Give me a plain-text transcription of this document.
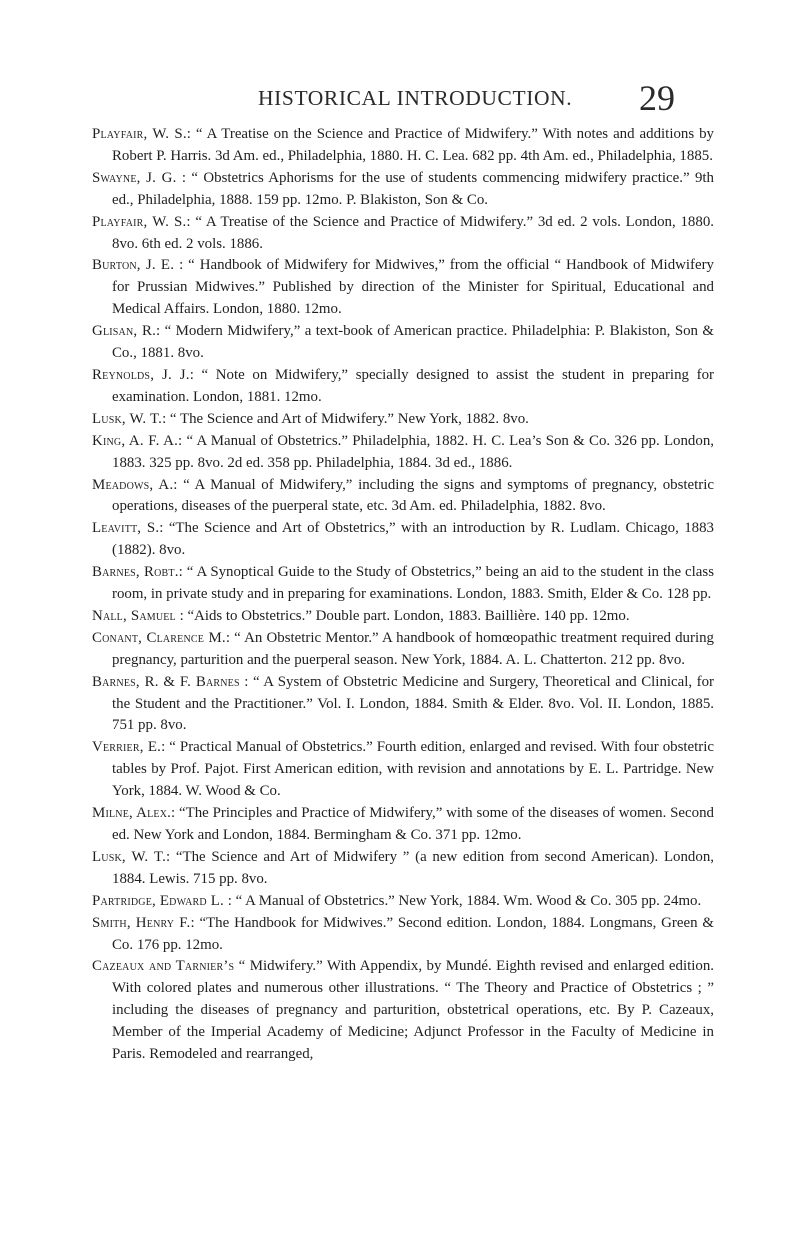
HISTORICAL INTRODUCTION. 29

Playfair, W. S.: “ A Treatise on the Science and Practice of Midwifery.” With notes and additions by Robert P. Harris. 3d Am. ed., Philadelphia, 1880. H. C. Lea. 682 pp. 4th Am. ed., Philadelphia, 1885.

Swayne, J. G. : “ Obstetrics Aphorisms for the use of students commencing midwifery practice.” 9th ed., Philadelphia, 1888. 159 pp. 12mo. P. Blakiston, Son & Co.

Playfair, W. S.: “ A Treatise of the Science and Practice of Midwifery.” 3d ed. 2 vols. London, 1880. 8vo. 6th ed. 2 vols. 1886.

Burton, J. E. : “ Handbook of Midwifery for Midwives,” from the official “ Handbook of Midwifery for Prussian Midwives.” Published by direction of the Minister for Spiritual, Educational and Medical Affairs. London, 1880. 12mo.

Glisan, R.: “ Modern Midwifery,” a text-book of American practice. Philadelphia: P. Blakiston, Son & Co., 1881. 8vo.

Reynolds, J. J.: “ Note on Midwifery,” specially designed to assist the student in preparing for examination. London, 1881. 12mo.

Lusk, W. T.: “ The Science and Art of Midwifery.” New York, 1882. 8vo.

King, A. F. A.: “ A Manual of Obstetrics.” Philadelphia, 1882. H. C. Lea’s Son & Co. 326 pp. London, 1883. 325 pp. 8vo. 2d ed. 358 pp. Philadelphia, 1884. 3d ed., 1886.

Meadows, A.: “ A Manual of Midwifery,” including the signs and symptoms of pregnancy, obstetric operations, diseases of the puerperal state, etc. 3d Am. ed. Philadelphia, 1882. 8vo.

Leavitt, S.: “The Science and Art of Obstetrics,” with an introduction by R. Ludlam. Chicago, 1883 (1882). 8vo.

Barnes, Robt.: “ A Synoptical Guide to the Study of Obstetrics,” being an aid to the student in the class room, in private study and in preparing for examinations. London, 1883. Smith, Elder & Co. 128 pp.

Nall, Samuel : “Aids to Obstetrics.” Double part. London, 1883. Baillière. 140 pp. 12mo.

Conant, Clarence M.: “ An Obstetric Mentor.” A handbook of homœopathic treatment required during pregnancy, parturition and the puerperal season. New York, 1884. A. L. Chatterton. 212 pp. 8vo.

Barnes, R. & F. Barnes : “ A System of Obstetric Medicine and Surgery, Theoretical and Clinical, for the Student and the Practitioner.” Vol. I. London, 1884. Smith & Elder. 8vo. Vol. II. London, 1885. 751 pp. 8vo.

Verrier, E.: “ Practical Manual of Obstetrics.” Fourth edition, enlarged and revised. With four obstetric tables by Prof. Pajot. First American edition, with revision and annotations by E. L. Partridge. New York, 1884. W. Wood & Co.

Milne, Alex.: “The Principles and Practice of Midwifery,” with some of the diseases of women. Second ed. New York and London, 1884. Bermingham & Co. 371 pp. 12mo.

Lusk, W. T.: “The Science and Art of Midwifery ” (a new edition from second American). London, 1884. Lewis. 715 pp. 8vo.

Partridge, Edward L. : “ A Manual of Obstetrics.” New York, 1884. Wm. Wood & Co. 305 pp. 24mo.

Smith, Henry F.: “The Handbook for Midwives.” Second edition. London, 1884. Longmans, Green & Co. 176 pp. 12mo.

Cazeaux and Tarnier’s “ Midwifery.” With Appendix, by Mundé. Eighth revised and enlarged edition. With colored plates and numerous other illustrations. “ The Theory and Practice of Obstetrics ; ” including the diseases of pregnancy and parturition, obstetrical operations, etc. By P. Cazeaux, Member of the Imperial Academy of Medicine; Adjunct Professor in the Faculty of Medicine in Paris. Remodeled and rearranged,
